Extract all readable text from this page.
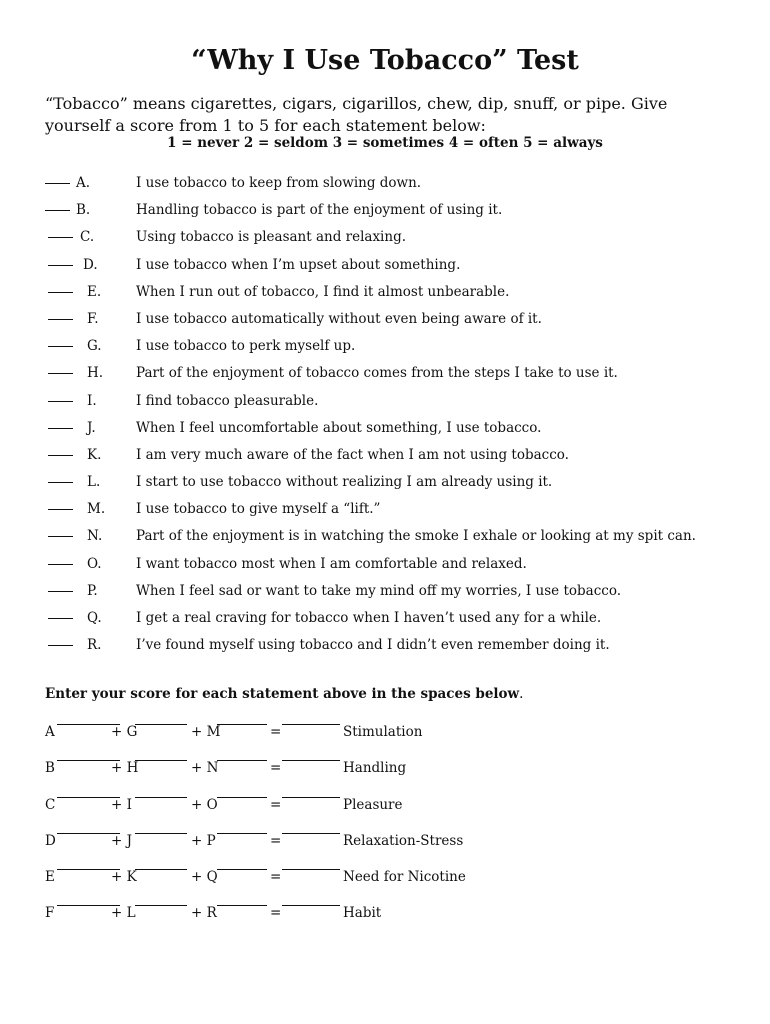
“Why I Use Tobacco” Test
“Tobacco” means cigarettes, cigars, cigarillos, chew, dip, snuff, or pipe. Give yourself a score from 1 to 5 for each statement below:
1 = never 2 = seldom 3 = sometimes 4 = often 5 = always
A.	I use tobacco to keep from slowing down.
B.	Handling tobacco is part of the enjoyment of using it.
C.	Using tobacco is pleasant and relaxing.
D.	I use tobacco when I’m upset about something.
E.	When I run out of tobacco, I find it almost unbearable.
F.	I use tobacco automatically without even being aware of it.
G.	I use tobacco to perk myself up.
H. Part of the enjoyment of tobacco comes from the steps I take to use it.
I.	I find tobacco pleasurable.
J.	When I feel uncomfortable about something, I use tobacco.
K.	I am very much aware of the fact when I am not using tobacco.
L.	I start to use tobacco without realizing I am already using it.
M. I use tobacco to give myself a “lift.”
N.	Part of the enjoyment is in watching the smoke I exhale or looking at my spit can.
O.	I want tobacco most when I am comfortable and relaxed.
P.	When I feel sad or want to take my mind off my worries, I use tobacco.
Q.	I get a real craving for tobacco when I haven’t used any for a while.
R.	I’ve found myself using tobacco and I didn’t even remember doing it.
Enter your score for each statement above in the spaces below.
A	+ G	+ M	=	Stimulation
B	+ H	+ N	=	Handling
C	+ I	+ O	=	Pleasure
D	+ J	+ P	=	Relaxation-Stress
E	+ K	+ Q	=	Need for Nicotine
F	+ L	+ R	=	Habit
